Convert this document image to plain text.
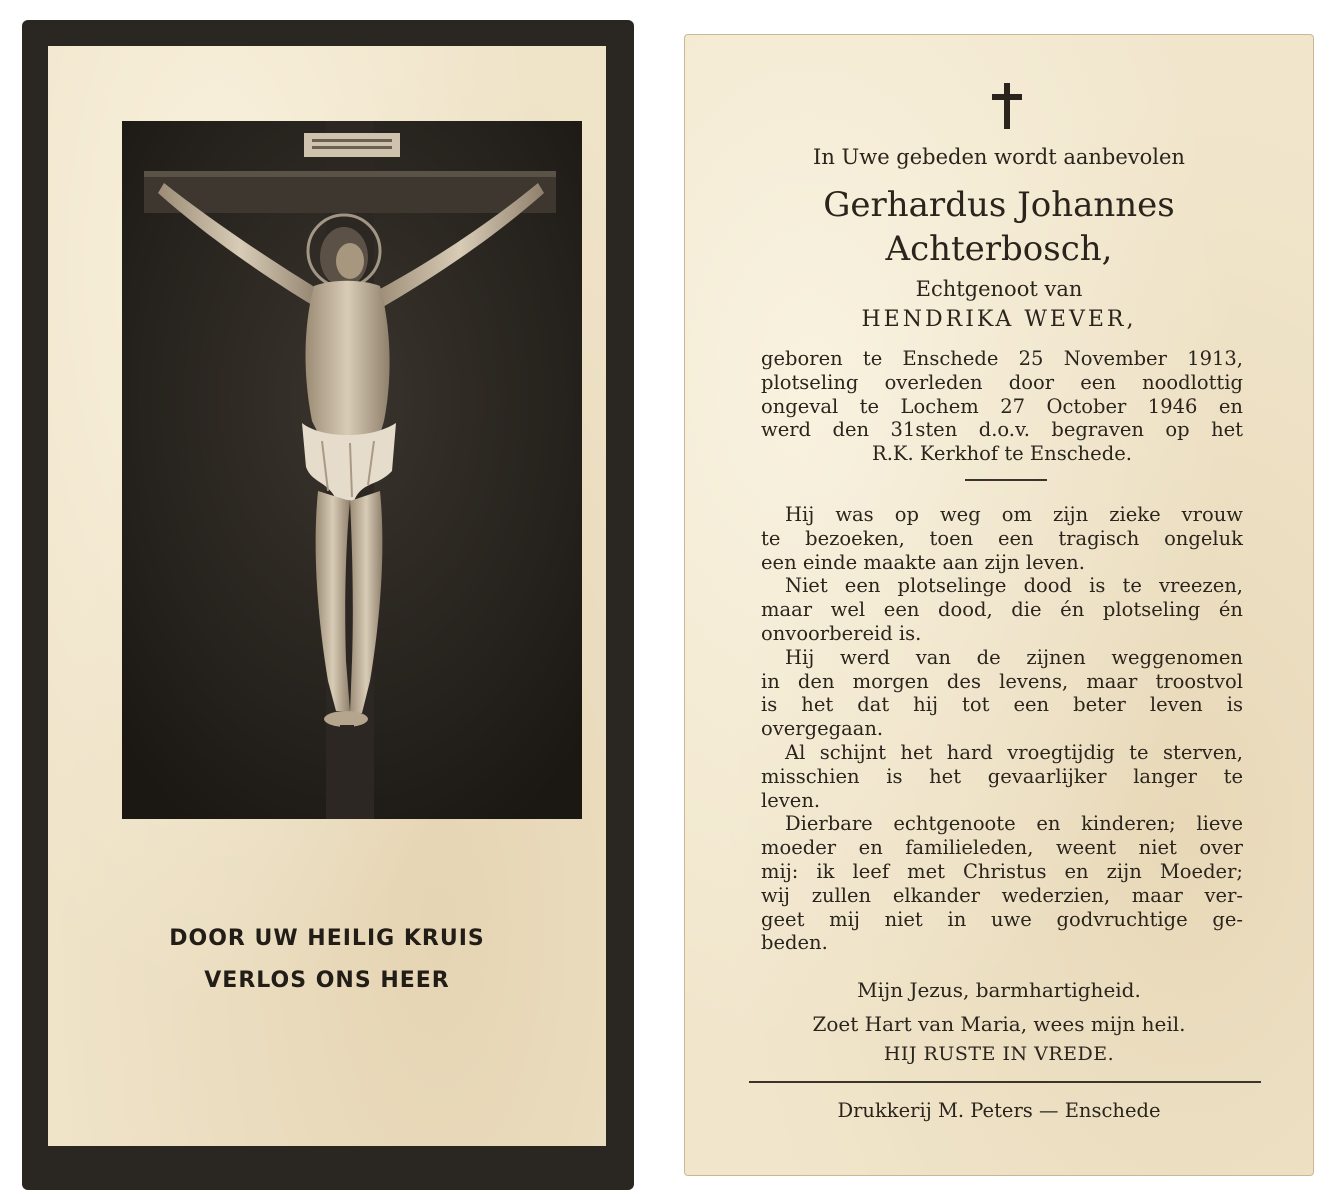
DOOR UW HEILIG KRUIS
VERLOS ONS HEER
In Uwe gebeden wordt aanbevolen
Gerhardus Johannes
Achterbosch,
Echtgenoot van
HENDRIKA WEVER,
geboren te Enschede 25 November 1913,
plotseling overleden door een noodlottig
ongeval te Lochem 27 October 1946 en
werd den 31sten d.o.v. begraven op het
R.K. Kerkhof te Enschede.
Hij was op weg om zijn zieke vrouw
te bezoeken, toen een tragisch ongeluk
een einde maakte aan zijn leven.
Niet een plotselinge dood is te vreezen,
maar wel een dood, die én plotseling én
onvoorbereid is.
Hij werd van de zijnen weggenomen
in den morgen des levens, maar troostvol
is het dat hij tot een beter leven is
overgegaan.
Al schijnt het hard vroegtijdig te sterven,
misschien is het gevaarlijker langer te
leven.
Dierbare echtgenoote en kinderen; lieve
moeder en familieleden, weent niet over
mij: ik leef met Christus en zijn Moeder;
wij zullen elkander wederzien, maar ver-
geet mij niet in uwe godvruchtige ge-
beden.
Mijn Jezus, barmhartigheid.
Zoet Hart van Maria, wees mijn heil.
HIJ RUSTE IN VREDE.
Drukkerij M. Peters — Enschede
